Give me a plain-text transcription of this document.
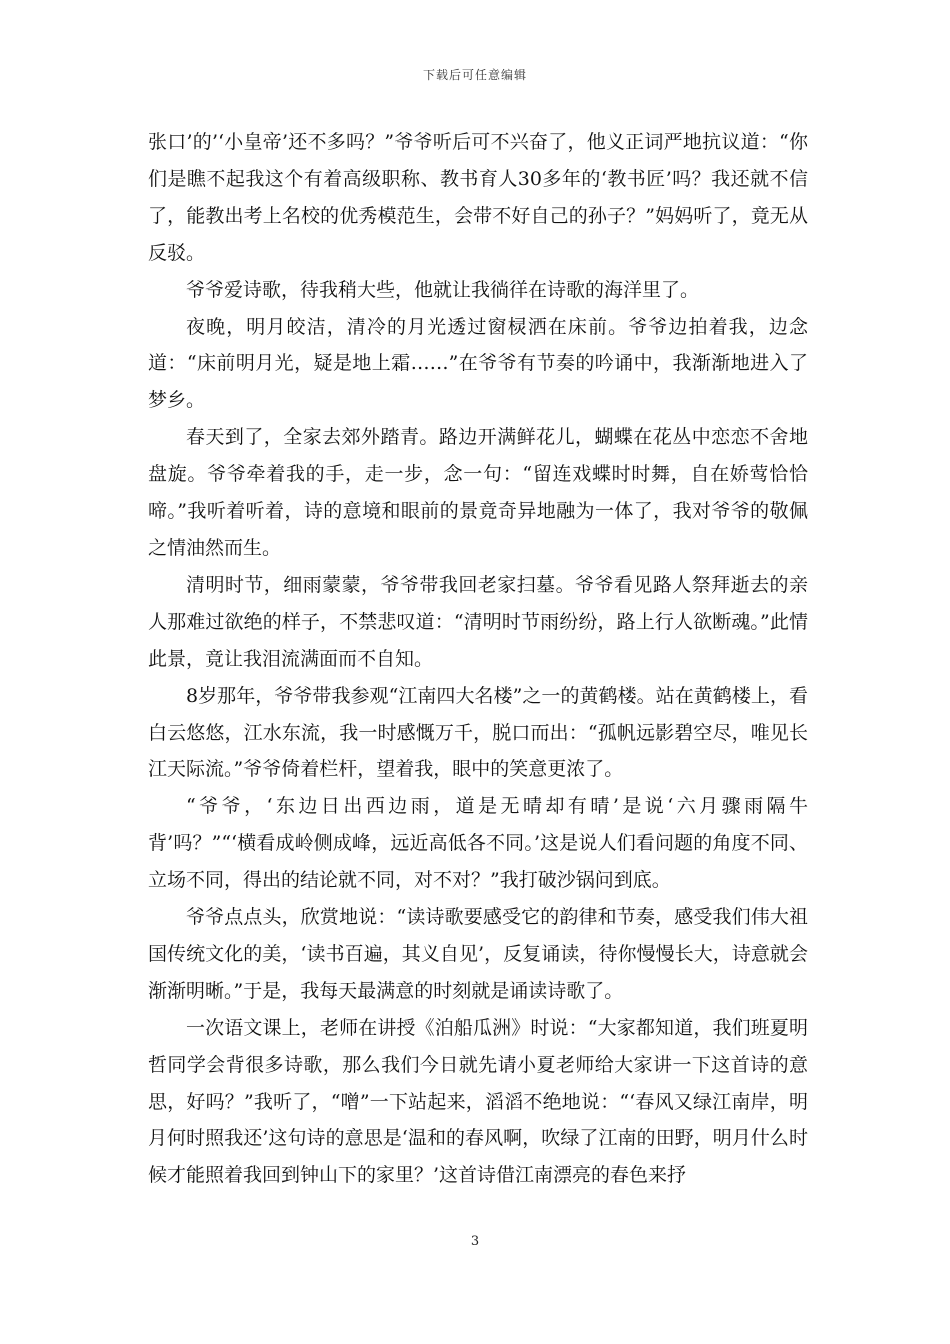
下载后可任意编辑

张口’的’‘小皇帝’还不多吗？”爷爷听后可不兴奋了，他义正词严地抗议道：“你们是瞧不起我这个有着高级职称、教书育人30多年的‘教书匠’吗？我还就不信了，能教出考上名校的优秀模范生，会带不好自己的孙子？”妈妈听了，竟无从反驳。

爷爷爱诗歌，待我稍大些，他就让我徜徉在诗歌的海洋里了。

夜晚，明月皎洁，清冷的月光透过窗棂洒在床前。爷爷边拍着我，边念道：“床前明月光，疑是地上霜……”在爷爷有节奏的吟诵中，我渐渐地进入了梦乡。

春天到了，全家去郊外踏青。路边开满鲜花儿，蝴蝶在花丛中恋恋不舍地盘旋。爷爷牵着我的手，走一步，念一句：“留连戏蝶时时舞，自在娇莺恰恰啼。”我听着听着，诗的意境和眼前的景竟奇异地融为一体了，我对爷爷的敬佩之情油然而生。

清明时节，细雨蒙蒙，爷爷带我回老家扫墓。爷爷看见路人祭拜逝去的亲人那难过欲绝的样子，不禁悲叹道：“清明时节雨纷纷，路上行人欲断魂。”此情此景，竟让我泪流满面而不自知。

8岁那年，爷爷带我参观“江南四大名楼”之一的黄鹤楼。站在黄鹤楼上，看白云悠悠，江水东流，我一时感慨万千，脱口而出：“孤帆远影碧空尽，唯见长江天际流。”爷爷倚着栏杆，望着我，眼中的笑意更浓了。

“爷爷，‘东边日出西边雨，道是无晴却有晴’是说‘六月骤雨隔牛背’吗？”“‘横看成岭侧成峰，远近高低各不同。’这是说人们看问题的角度不同、立场不同，得出的结论就不同，对不对？”我打破沙锅问到底。

爷爷点点头，欣赏地说：“读诗歌要感受它的韵律和节奏，感受我们伟大祖国传统文化的美，‘读书百遍，其义自见’，反复诵读，待你慢慢长大，诗意就会渐渐明晰。”于是，我每天最满意的时刻就是诵读诗歌了。

一次语文课上，老师在讲授《泊船瓜洲》时说：“大家都知道，我们班夏明哲同学会背很多诗歌，那么我们今日就先请小夏老师给大家讲一下这首诗的意思，好吗？”我听了，“噌”一下站起来，滔滔不绝地说：“‘春风又绿江南岸，明月何时照我还’这句诗的意思是‘温和的春风啊，吹绿了江南的田野，明月什么时候才能照着我回到钟山下的家里？’这首诗借江南漂亮的春色来抒

3
